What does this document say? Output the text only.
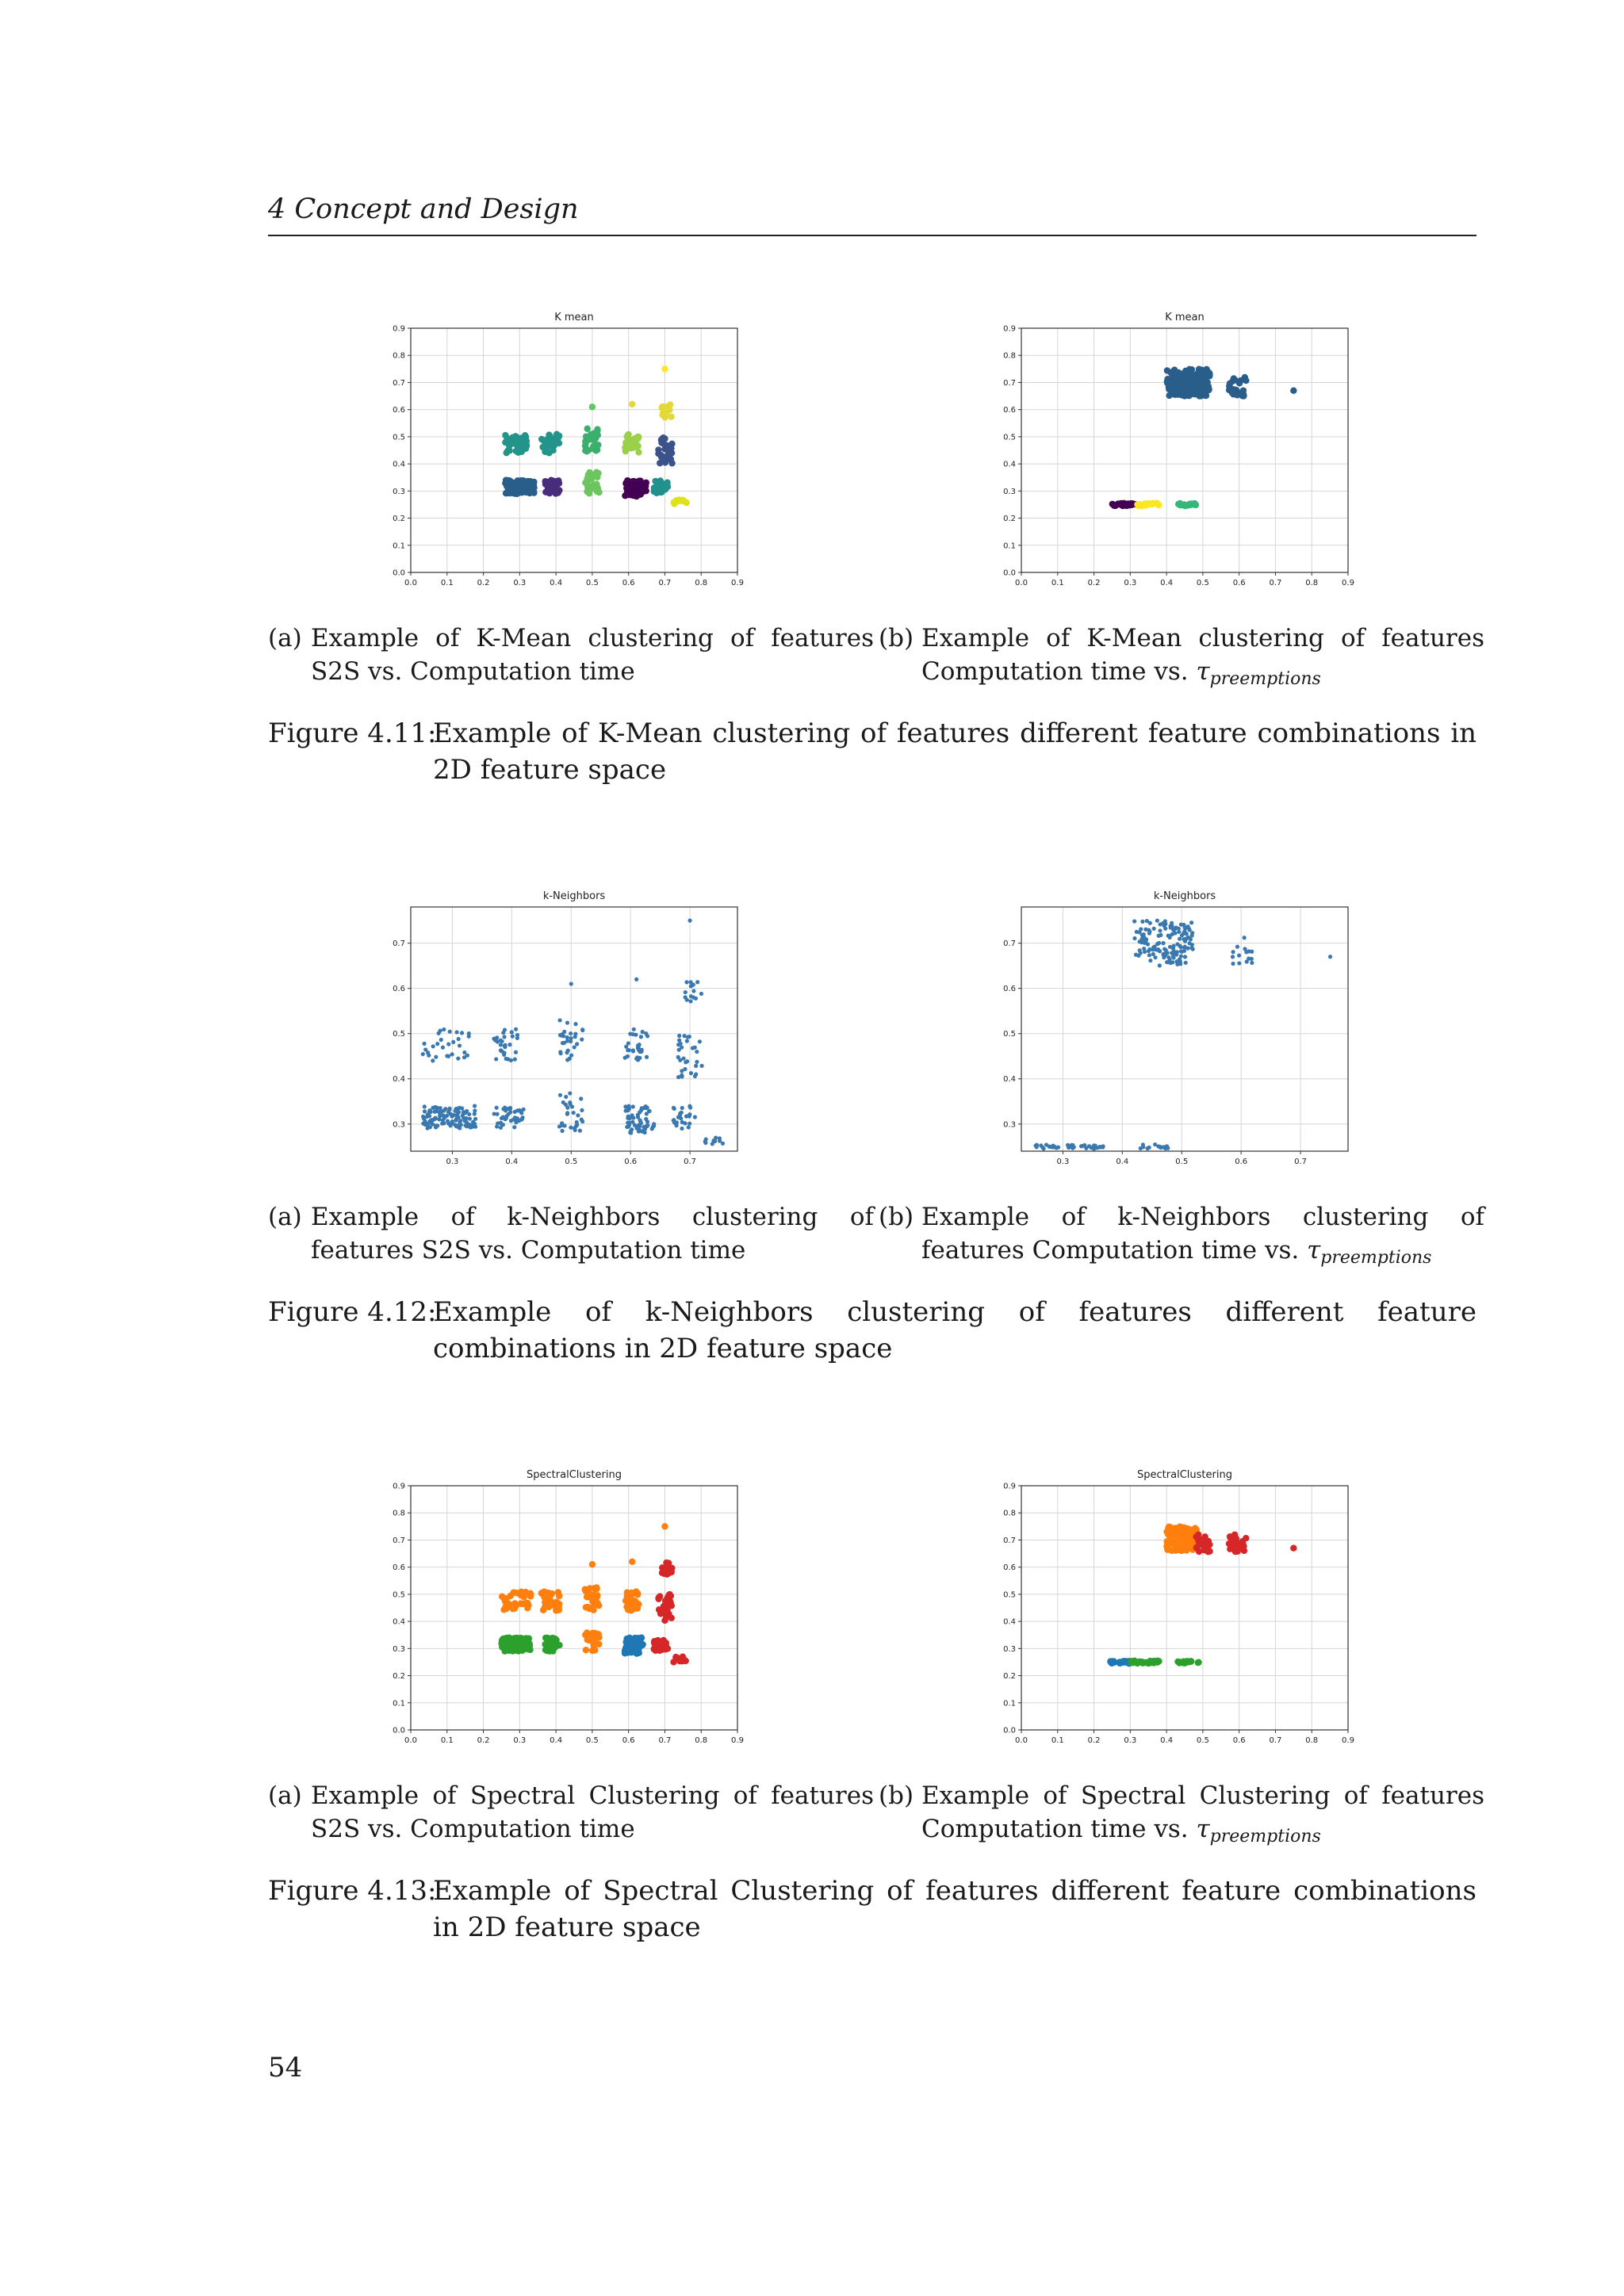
4 Concept and Design
K mean
0.0	0.1	0.2	0.3	0.4	0.5	0.6	0.7	0.8	0.9
0.0
0.1
0.2
0.3
0.4
0.5
0.6
0.7
0.8
0.9
K mean
0.0	0.1	0.2	0.3	0.4	0.5	0.6	0.7	0.8	0.9
0.0
0.1
0.2
0.3
0.4
0.5
0.6
0.7
0.8
0.9
(a) Example of K-Mean clustering of features S2S vs. Computation time
(b) Example of K-Mean clustering of features Computation time vs. $\tau_{preemptions}$
Figure 4.11:
Example of K-Mean clustering of features different feature combinations in 2D feature space
k-Neighbors
0.3	0.4	0.5	0.6	0.7
0.3
0.4
0.5
0.6
0.7
k-Neighbors
0.3	0.4	0.5	0.6	0.7
0.3
0.4
0.5
0.6
0.7
(a) Example of k-Neighbors clustering of features S2S vs. Computation time
(b) Example of k-Neighbors clustering of features Computation time vs. $\tau_{preemptions}$
Figure 4.12:
Example of k-Neighbors clustering of features different feature combinations in 2D feature space
SpectralClustering
0.0	0.1	0.2	0.3	0.4	0.5	0.6	0.7	0.8	0.9
0.0
0.1
0.2
0.3
0.4
0.5
0.6
0.7
0.8
0.9
SpectralClustering
0.0	0.1	0.2	0.3	0.4	0.5	0.6	0.7	0.8	0.9
0.0
0.1
0.2
0.3
0.4
0.5
0.6
0.7
0.8
0.9
(a) Example of Spectral Clustering of features S2S vs. Computation time
(b) Example of Spectral Clustering of features Computation time vs. $\tau_{preemptions}$
Figure 4.13:
Example of Spectral Clustering of features different feature combinations in 2D feature space
54
